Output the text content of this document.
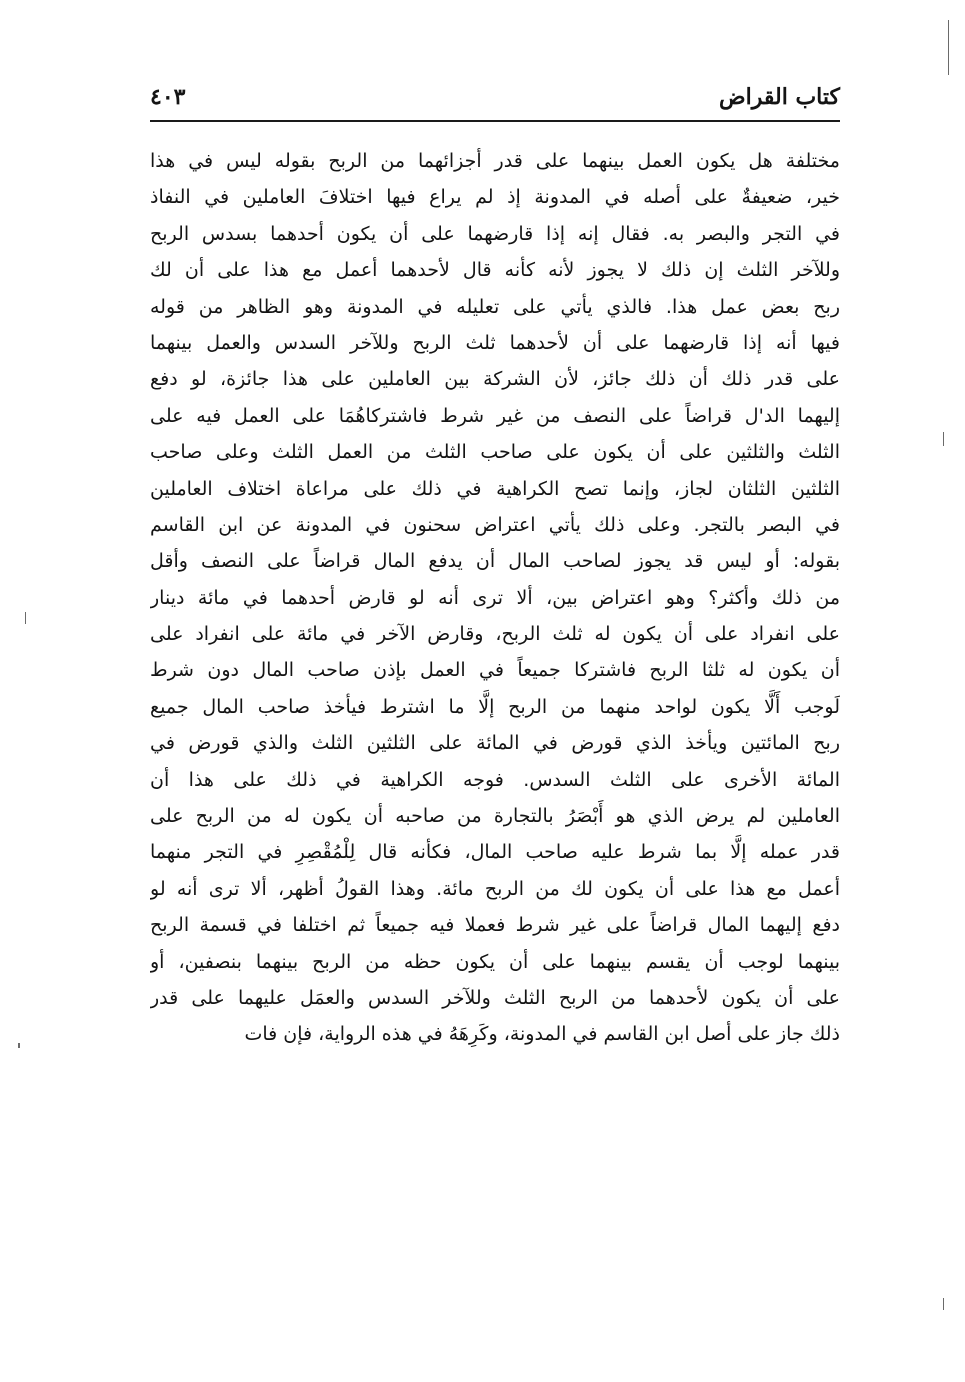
كتاب القراض
٤٠٣
مختلفة هل يكون العمل بينهما على قدر أجزائهما من الربح بقوله ليس في هذا
خير، ضعيفةٌ على أصله في المدونة إذ لم يراع فيها اختلافَ العاملين في النفاذ
في التجر والبصر به. فقال إنه إذا قارضهما على أن يكون أحدهما بسدس الربح
وللآخر الثلث إن ذلك لا يجوز لأنه كأنه قال لأحدهما أعمل مع هذا على أن لك
ربح بعض عمل هذا. فالذي يأتي على تعليله في المدونة وهو الظاهر من قوله
فيها أنه إذا قارضهما على أن لأحدهما ثلث الربح وللآخر السدس والعمل بينهما
على قدر ذلك أن ذلك جائز، لأن الشركة بين العاملين على هذا جائزة، لو دفع
إليهما الد'ل قراضاً على النصف من غير شرط فاشتركاهُمَا على العمل فيه على
الثلث والثلثين على أن يكون على صاحب الثلث من العمل الثلث وعلى صاحب
الثلثين الثلثان لجاز، وإنما تصح الكراهية في ذلك على مراعاة اختلاف العاملين
في البصر بالتجر. وعلى ذلك يأتي اعتراض سحنون في المدونة عن ابن القاسم
بقوله: أو ليس قد يجوز لصاحب المال أن يدفع المال قراضاً على النصف وأقل
من ذلك وأكثر؟ وهو اعتراض بين، ألا ترى أنه لو قارض أحدهما في مائة دينار
على انفراد على أن يكون له ثلث الربح، وقارض الآخر في مائة على انفراد على
أن يكون له ثلثا الربح فاشتركا جميعاً في العمل بإذن صاحب المال دون شرط
لَوجب أَلَّا يكون لواحد منهما من الربح إلَّا ما اشترط فيأخذ صاحب المال جميع
ربح المائتين ويأخذ الذي قورض في المائة على الثلثين الثلث والذي قورض في
المائة الأخرى على الثلث السدس. فوجه الكراهية في ذلك على هذا أن
العاملين لم يرض الذي هو أَبْصَرُ بالتجارة من صاحبه أن يكون له من الربح على
قدر عمله إلَّا بما شرط عليه صاحب المال، فكأنه قال لِلْمُقْصِرِ في التجر منهما
أعمل مع هذا على أن يكون لك من الربح مائة. وهذا القولُ أظهر، ألا ترى أنه لو
دفع إليهما المال قراضاً على غير شرط فعملا فيه جميعاً ثم اختلفا في قسمة الربح
بينهما لوجب أن يقسم بينهما على أن يكون حظه من الربح بينهما بنصفين، أو
على أن يكون لأحدهما من الربح الثلث وللآخر السدس والعمَل عليهما على قدر
ذلك جاز على أصل ابن القاسم في المدونة، وكَرِهَهُ في هذه الرواية، فإن فات
